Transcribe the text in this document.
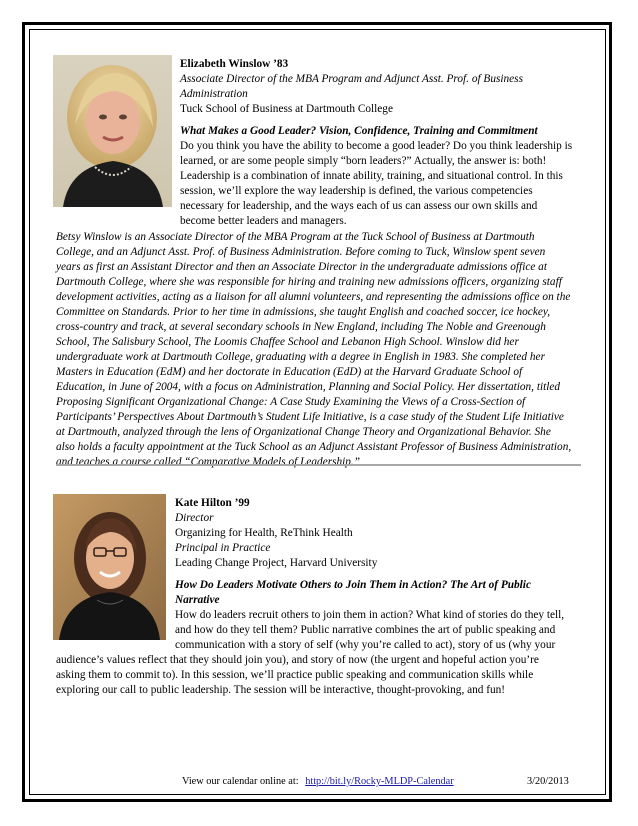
Elizabeth Winslow ’83

Associate Director of the MBA Program and Adjunct Asst. Prof. of Business

Administration

Tuck School of Business at Dartmouth College

What Makes a Good Leader? Vision, Confidence, Training and Commitment

Do you think you have the ability to become a good leader? Do you think leadership is

learned, or are some people simply “born leaders?” Actually, the answer is: both!

Leadership is a combination of innate ability, training, and situational control. In this

session, we’ll explore the way leadership is defined, the various competencies

necessary for leadership, and the ways each of us can assess our own skills and

become better leaders and managers.

Betsy Winslow is an Associate Director of the MBA Program at the Tuck School of Business at Dartmouth

College, and an Adjunct Asst. Prof. of Business Administration. Before coming to Tuck, Winslow spent seven

years as first an Assistant Director and then an Associate Director in the undergraduate admissions office at

Dartmouth College, where she was responsible for hiring and training new admissions officers, organizing staff

development activities, acting as a liaison for all alumni volunteers, and representing the admissions office on the

Committee on Standards. Prior to her time in admissions, she taught English and coached soccer, ice hockey,

cross-country and track, at several secondary schools in New England, including The Noble and Greenough

School, The Salisbury School, The Loomis Chaffee School and Lebanon High School. Winslow did her

undergraduate work at Dartmouth College, graduating with a degree in English in 1983. She completed her

Masters in Education (EdM) and her doctorate in Education (EdD) at the Harvard Graduate School of

Education, in June of 2004, with a focus on Administration, Planning and Social Policy. Her dissertation, titled

Proposing Significant Organizational Change: A Case Study Examining the Views of a Cross-Section of

Participants’ Perspectives About Dartmouth’s Student Life Initiative, is a case study of the Student Life Initiative

at Dartmouth, analyzed through the lens of Organizational Change Theory and Organizational Behavior. She

also holds a faculty appointment at the Tuck School as an Adjunct Assistant Professor of Business Administration,

and teaches a course called “Comparative Models of Leadership.”

Kate Hilton ’99

Director

Organizing for Health, ReThink Health

Principal in Practice

Leading Change Project, Harvard University

How Do Leaders Motivate Others to Join Them in Action? The Art of Public

Narrative

How do leaders recruit others to join them in action? What kind of stories do they tell,

and how do they tell them? Public narrative combines the art of public speaking and

communication with a story of self (why you’re called to act), story of us (why your

audience’s values reflect that they should join you), and story of now (the urgent and hopeful action you’re

asking them to commit to). In this session, we’ll practice public speaking and communication skills while

exploring our call to public leadership. The session will be interactive, thought-provoking, and fun!

View our calendar online at: http://bit.ly/Rocky-MLDP-Calendar	3/20/2013
